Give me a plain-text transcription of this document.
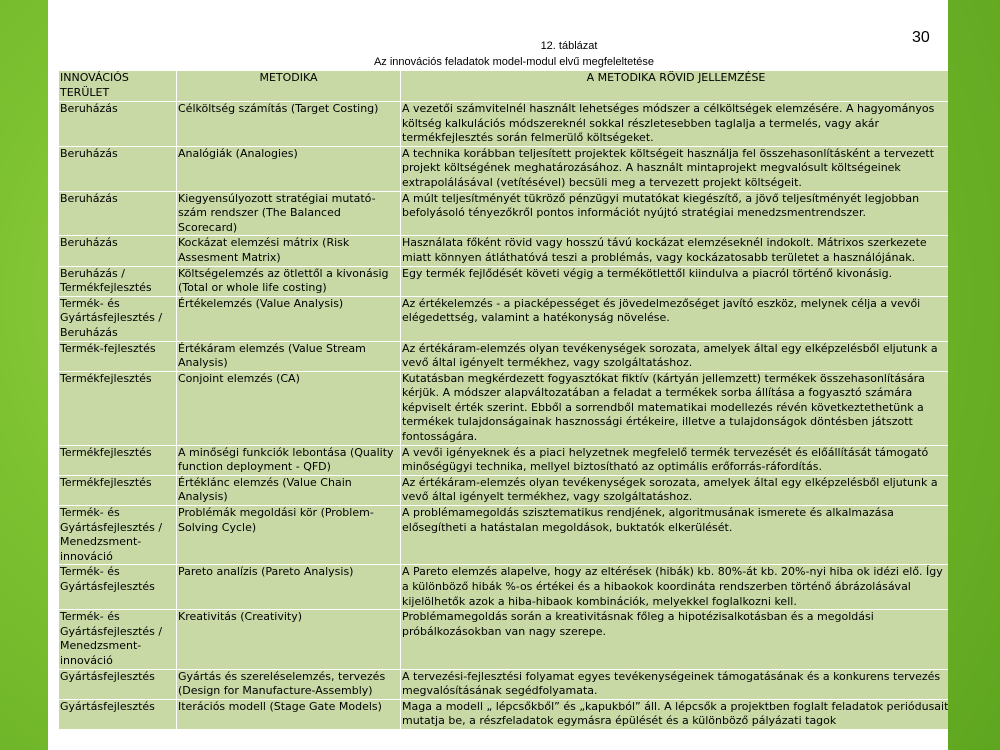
30
12. táblázat
Az innovációs feladatok model-modul elvű megfeleltetése
INNOVÁCIÓS TERÜLET	METODIKA	A METODIKA RÖVID JELLEMZÉSE
Beruházás	Célköltség számítás (Target Costing)	A vezetői számvitelnél használt lehetséges módszer a célköltségek elemzésére. A hagyományos költség kalkulációs módszereknél sokkal részletesebben taglalja a termelés, vagy akár termékfejlesztés során felmerülő költségeket.
Beruházás	Analógiák (Analogies)	A technika korábban teljesített projektek költségeit használja fel összehasonlításként a tervezett projekt költségének meghatározásához. A használt mintaprojekt megvalósult költségeinek extrapolálásával (vetítésével) becsüli meg a tervezett projekt költségeit.
Beruházás	Kiegyensúlyozott stratégiai mutató-szám rendszer (The Balanced Scorecard)	A múlt teljesítményét tükröző pénzügyi mutatókat kiegészítő, a jövő teljesítményét legjobban befolyásoló tényezőkről pontos információt nyújtó stratégiai menedzsmentrendszer.
Beruházás	Kockázat elemzési mátrix (Risk Assesment Matrix)	Használata főként rövid vagy hosszú távú kockázat elemzéseknél indokolt. Mátrixos szerkezete miatt könnyen átláthatóvá teszi a problémás, vagy kockázatosabb területet a használójának.
Beruházás / Termékfejlesztés	Költségelemzés az ötlettől a kivonásig (Total or whole life costing)	Egy termék fejlődését követi végig a termékötlettől kiindulva a piacról történő kivonásig.
Termék- és Gyártásfejlesztés / Beruházás	Értékelemzés (Value Analysis)	Az értékelemzés - a piacképességet és jövedelmezőséget javító eszköz, melynek célja a vevői elégedettség, valamint a hatékonyság növelése.
Termék-fejlesztés	Értékáram elemzés (Value Stream Analysis)	Az értékáram-elemzés olyan tevékenységek sorozata, amelyek által egy elképzelésből eljutunk a vevő által igényelt termékhez, vagy szolgáltatáshoz.
Termékfejlesztés	Conjoint elemzés (CA)	Kutatásban megkérdezett fogyasztókat fiktív (kártyán jellemzett) termékek összehasonlítására kérjük. A módszer alapváltozatában a feladat a termékek sorba állítása a fogyasztó számára képviselt érték szerint. Ebből a sorrendből matematikai modellezés révén következtethetünk a termékek tulajdonságainak hasznossági értékeire, illetve a tulajdonságok döntésben játszott fontosságára.
Termékfejlesztés	A minőségi funkciók lebontása (Quality function deployment - QFD)	A vevői igényeknek és a piaci helyzetnek megfelelő termék tervezését és előállítását támogató minőségügyi technika, mellyel biztosítható az optimális erőforrás-ráfordítás.
Termékfejlesztés	Értéklánc elemzés (Value Chain Analysis)	Az értékáram-elemzés olyan tevékenységek sorozata, amelyek által egy elképzelésből eljutunk a vevő által igényelt termékhez, vagy szolgáltatáshoz.
Termék- és Gyártásfejlesztés / Menedzsment-innováció	Problémák megoldási kör (Problem-Solving Cycle)	A problémamegoldás szisztematikus rendjének, algoritmusának ismerete és alkalmazása elősegítheti a hatástalan megoldások, buktatók elkerülését.
Termék- és Gyártásfejlesztés	Pareto analízis (Pareto Analysis)	A Pareto elemzés alapelve, hogy az eltérések (hibák) kb. 80%-át kb. 20%-nyi hiba ok idézi elő. Így a különböző hibák %-os értékei és a hibaokok koordináta rendszerben történő ábrázolásával kijelölhetők azok a hiba-hibaok kombinációk, melyekkel foglalkozni kell.
Termék- és Gyártásfejlesztés / Menedzsment-innováció	Kreativitás (Creativity)	Problémamegoldás során a kreativitásnak főleg a hipotézisalkotásban és a megoldási próbálkozásokban van nagy szerepe.
Gyártásfejlesztés	Gyártás és szereléselemzés, tervezés (Design for Manufacture-Assembly)	A tervezési-fejlesztési folyamat egyes tevékenységeinek támogatásának és a konkurens tervezés megvalósításának segédfolyamata.
Gyártásfejlesztés	Iterációs modell (Stage Gate Models)	Maga a modell „ lépcsőkből” és „kapukból” áll. A lépcsők a projektben foglalt feladatok periódusait mutatja be, a részfeladatok egymásra épülését és a különböző pályázati tagok
